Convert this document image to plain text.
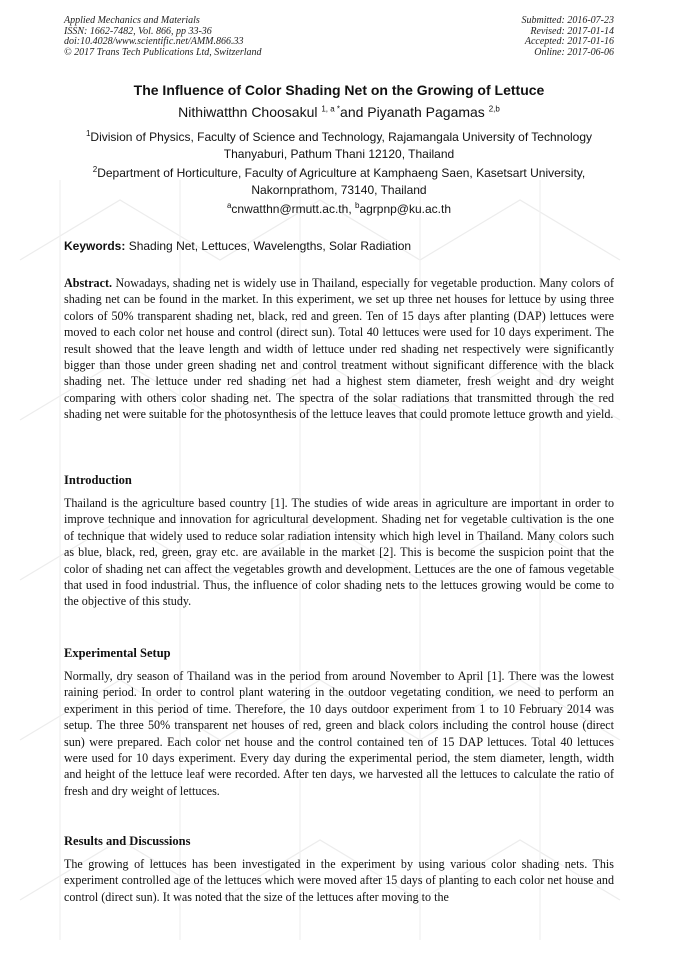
Applied Mechanics and Materials
ISSN: 1662-7482, Vol. 866, pp 33-36
doi:10.4028/www.scientific.net/AMM.866.33
© 2017 Trans Tech Publications Ltd, Switzerland
Submitted: 2016-07-23
Revised: 2017-01-14
Accepted: 2017-01-16
Online: 2017-06-06
The Influence of Color Shading Net on the Growing of Lettuce
Nithiwatthn Choosakul $^{1, a *}$and Piyanath Pagamas $^{2,b}$
$^1$Division of Physics, Faculty of Science and Technology, Rajamangala University of Technology Thanyaburi, Pathum Thani 12120, Thailand
$^2$Department of Horticulture, Faculty of Agriculture at Kamphaeng Saen, Kasetsart University, Nakornprathom, 73140, Thailand
$^a$cnwatthn@rmutt.ac.th, $^b$agrpnp@ku.ac.th
Keywords: Shading Net, Lettuces, Wavelengths, Solar Radiation
Abstract. Nowadays, shading net is widely use in Thailand, especially for vegetable production. Many colors of shading net can be found in the market. In this experiment, we set up three net houses for lettuce by using three colors of 50% transparent shading net, black, red and green. Ten of 15 days after planting (DAP) lettuces were moved to each color net house and control (direct sun). Total 40 lettuces were used for 10 days experiment. The result showed that the leave length and width of lettuce under red shading net respectively were significantly bigger than those under green shading net and control treatment without significant difference with the black shading net. The lettuce under red shading net had a highest stem diameter, fresh weight and dry weight comparing with others color shading net. The spectra of the solar radiations that transmitted through the red shading net were suitable for the photosynthesis of the lettuce leaves that could promote lettuce growth and yield.
Introduction
Thailand is the agriculture based country [1]. The studies of wide areas in agriculture are important in order to improve technique and innovation for agricultural development. Shading net for vegetable cultivation is the one of technique that widely used to reduce solar radiation intensity which high level in Thailand. Many colors such as blue, black, red, green, gray etc. are available in the market [2]. This is become the suspicion point that the color of shading net can affect the vegetables growth and development. Lettuces are the one of famous vegetable that used in food industrial. Thus, the influence of color shading nets to the lettuces growing would be come to the objective of this study.
Experimental Setup
Normally, dry season of Thailand was in the period from around November to April [1]. There was the lowest raining period. In order to control plant watering in the outdoor vegetating condition, we need to perform an experiment in this period of time. Therefore, the 10 days outdoor experiment from 1 to 10 February 2014 was setup. The three 50% transparent net houses of red, green and black colors including the control house (direct sun) were prepared. Each color net house and the control contained ten of 15 DAP lettuces. Total 40 lettuces were used for 10 days experiment. Every day during the experimental period, the stem diameter, length, width and height of the lettuce leaf were recorded. After ten days, we harvested all the lettuces to calculate the ratio of fresh and dry weight of lettuces.
Results and Discussions
The growing of lettuces has been investigated in the experiment by using various color shading nets. This experiment controlled age of the lettuces which were moved after 15 days of planting to each color net house and control (direct sun). It was noted that the size of the lettuces after moving to the
